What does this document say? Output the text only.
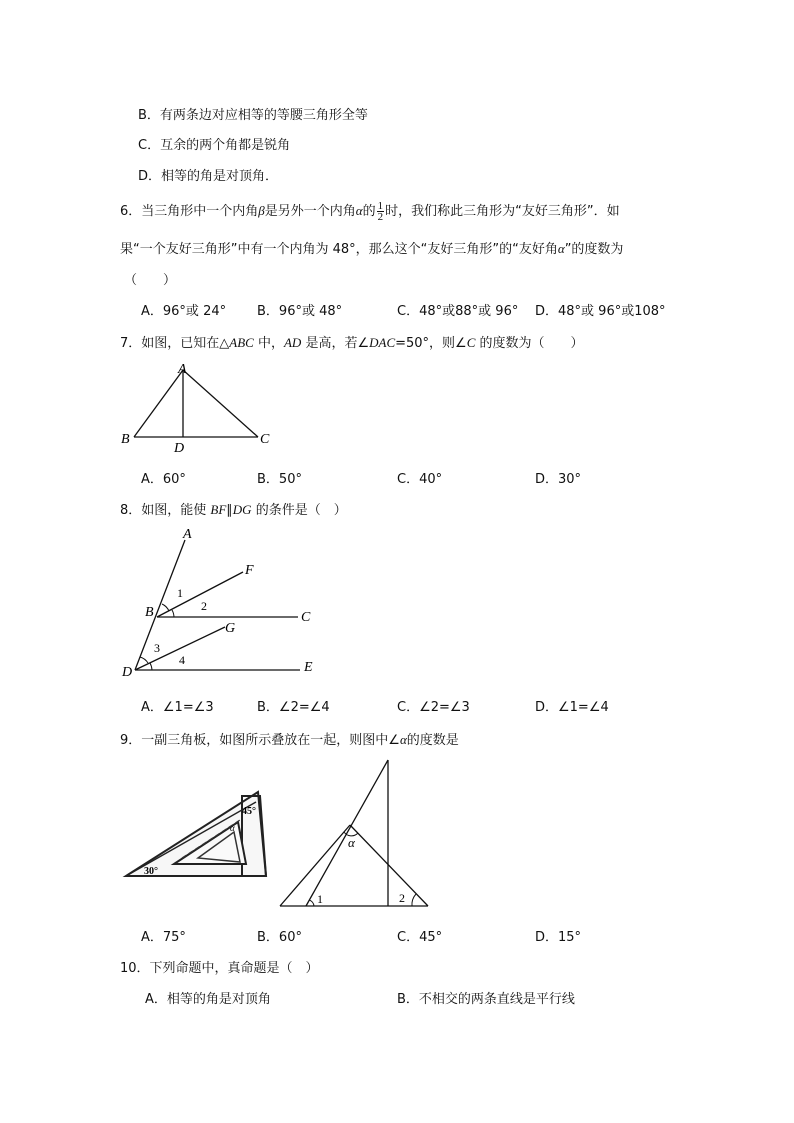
B．有两条边对应相等的等腰三角形全等
C．互余的两个角都是锐角
D．相等的角是对顶角．
6．当三角形中一个内角β是另外一个内角α的 $\frac{1}{2}$ 时，我们称此三角形为“友好三角形”．如
果“一个友好三角形”中有一个内角为 48°，那么这个“友好三角形”的“友好角α”的度数为
（　　）
A．96°或 24° B．96°或 48°	C．48°或88°或 96° D．48°或 96°或108°
7．如图，已知在△ABC 中，AD 是高，若∠DAC=50°，则∠C 的度数为（　　）
A
B	C
D
A．60°	B．50°	C．40°	D．30°
8．如图，能使 BF∥DG 的条件是（　）
A
F
B	C
G
D	E
1
2
3
4
A．∠1=∠3	B．∠2=∠4	C．∠2=∠3	D．∠1=∠4
9．一副三角板，如图所示叠放在一起，则图中∠α的度数是
45°
30°
α
α
1	2
A．75°	B．60°	C．45°	D．15°
10．下列命题中，真命题是（　）
A．相等的角是对顶角	B．不相交的两条直线是平行线
